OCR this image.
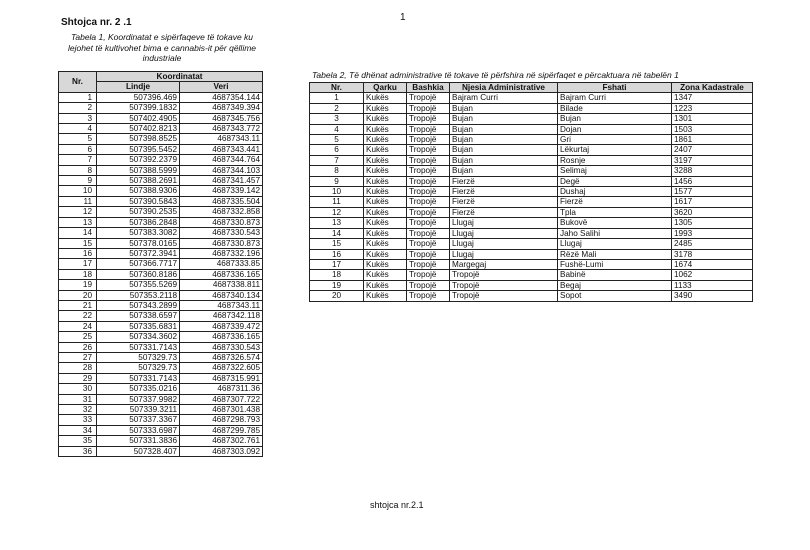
1
Shtojca nr. 2 .1
Tabela 1, Koordinatat e sipërfaqeve të tokave ku lejohet të kultivohet bima e cannabis-it për qëllime industriale
Nr.	Koordinatat	
	Lindje	Veri
1	507396.469	4687354.144
2	507399.1832	4687349.394
3	507402.4905	4687345.756
4	507402.8213	4687343.772
5	507398.8525	4687343.11
6	507395.5452	4687343.441
7	507392.2379	4687344.764
8	507388.5999	4687344.103
9	507388.2691	4687341.457
10	507388.9306	4687339.142
11	507390.5843	4687335.504
12	507390.2535	4687332.858
13	507386.2848	4687330.873
14	507383.3082	4687330.543
15	507378.0165	4687330.873
16	507372.3941	4687332.196
17	507366.7717	4687333.85
18	507360.8186	4687336.165
19	507355.5269	4687338.811
20	507353.2118	4687340.134
21	507343.2899	4687343.11
22	507338.6597	4687342.118
24	507335.6831	4687339.472
25	507334.3602	4687336.165
26	507331.7143	4687330.543
27	507329.73	4687326.574
28	507329.73	4687322.605
29	507331.7143	4687315.991
30	507335.0216	4687311.36
31	507337.9982	4687307.722
32	507339.3211	4687301.438
33	507337.3367	4687298.793
34	507333.6987	4687299.785
35	507331.3836	4687302.761
36	507328.407	4687303.092
Tabela 2, Të dhënat administrative të tokave të përfshira në sipërfaqet e përcaktuara në tabelën 1
Nr.	Qarku	Bashkia	Njesia Administrative	Fshati	Zona Kadastrale
1	Kukës	Tropojë	Bajram Curri	Bajram Curri	1347
2	Kukës	Tropojë	Bujan	Bilade	1223
3	Kukës	Tropojë	Bujan	Bujan	1301
4	Kukës	Tropojë	Bujan	Dojan	1503
5	Kukës	Tropojë	Bujan	Gri	1861
6	Kukës	Tropojë	Bujan	Lëkurtaj	2407
7	Kukës	Tropojë	Bujan	Rosnje	3197
8	Kukës	Tropojë	Bujan	Selimaj	3288
9	Kukës	Tropojë	Fierzë	Degë	1456
10	Kukës	Tropojë	Fierzë	Dushaj	1577
11	Kukës	Tropojë	Fierzë	Fierzë	1617
12	Kukës	Tropojë	Fierzë	Tpla	3620
13	Kukës	Tropojë	Llugaj	Bukovë	1305
14	Kukës	Tropojë	Llugaj	Jaho Salihi	1993
15	Kukës	Tropojë	Llugaj	Llugaj	2485
16	Kukës	Tropojë	Llugaj	Rëzë Mali	3178
17	Kukës	Tropojë	Margegaj	Fushë-Lumi	1674
18	Kukës	Tropojë	Tropojë	Babinë	1062
19	Kukës	Tropojë	Tropojë	Begaj	1133
20	Kukës	Tropojë	Tropojë	Sopot	3490
shtojca nr.2.1
